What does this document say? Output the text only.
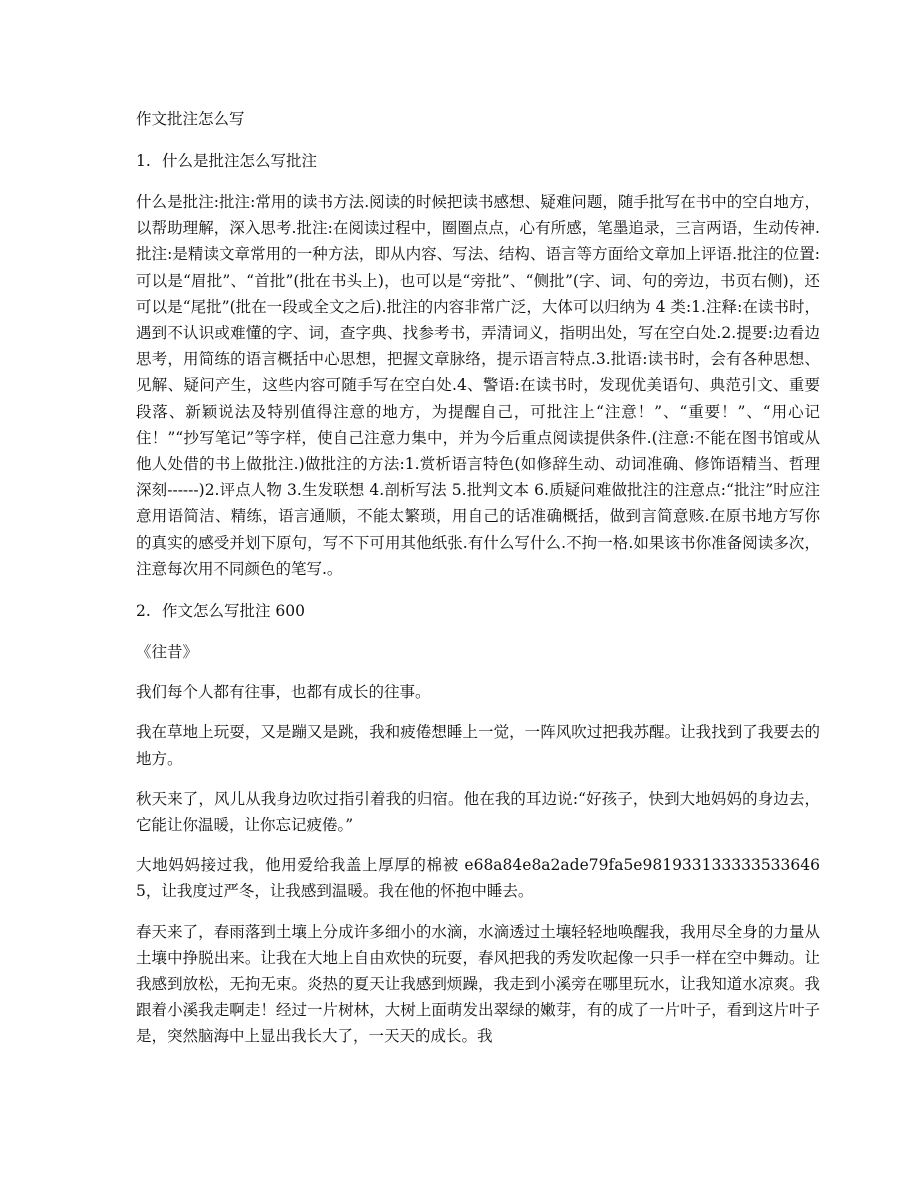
作文批注怎么写
1. 什么是批注怎么写批注

什么是批注:批注:常用的读书方法.阅读的时候把读书感想、疑难问题，随手批写在书中的空白地方，以帮助理解，深入思考.批注:在阅读过程中，圈圈点点，心有所感，笔墨追录，三言两语，生动传神.批注:是精读文章常用的一种方法，即从内容、写法、结构、语言等方面给文章加上评语.批注的位置:可以是“眉批”、“首批”(批在书头上)，也可以是“旁批”、“侧批”(字、词、句的旁边，书页右侧)，还可以是“尾批”(批在一段或全文之后).批注的内容非常广泛，大体可以归纳为 4 类:1.注释:在读书时，遇到不认识或难懂的字、词，查字典、找参考书，弄清词义，指明出处，写在空白处.2.提要:边看边思考，用简练的语言概括中心思想，把握文章脉络，提示语言特点.3.批语:读书时，会有各种思想、见解、疑问产生，这些内容可随手写在空白处.4、警语:在读书时，发现优美语句、典范引文、重要段落、新颖说法及特别值得注意的地方，为提醒自己，可批注上“注意！”、“重要！”、“用心记住！”“抄写笔记”等字样，使自己注意力集中，并为今后重点阅读提供条件.(注意:不能在图书馆或从他人处借的书上做批注.)做批注的方法:1.赏析语言特色(如修辞生动、动词准确、修饰语精当、哲理深刻------)2.评点人物 3.生发联想 4.剖析写法 5.批判文本 6.质疑问难做批注的注意点:“批注”时应注意用语简洁、精练，语言通顺，不能太繁琐，用自己的话准确概括，做到言简意赅.在原书地方写你的真实的感受并划下原句，写不下可用其他纸张.有什么写什么.不拘一格.如果该书你准备阅读多次，注意每次用不同颜色的笔写.。

2. 作文怎么写批注 600

《往昔》

我们每个人都有往事，也都有成长的往事。

我在草地上玩耍，又是蹦又是跳，我和疲倦想睡上一觉，一阵风吹过把我苏醒。让我找到了我要去的地方。

秋天来了，风儿从我身边吹过指引着我的归宿。他在我的耳边说:“好孩子，快到大地妈妈的身边去，它能让你温暖，让你忘记疲倦。”

大地妈妈接过我，他用爱给我盖上厚厚的棉被 e68a84e8a2ade79fa5e9819331333335336465，让我度过严冬，让我感到温暖。我在他的怀抱中睡去。

春天来了，春雨落到土壤上分成许多细小的水滴，水滴透过土壤轻轻地唤醒我，我用尽全身的力量从土壤中挣脱出来。让我在大地上自由欢快的玩耍，春风把我的秀发吹起像一只手一样在空中舞动。让我感到放松，无拘无束。炎热的夏天让我感到烦躁，我走到小溪旁在哪里玩水，让我知道水凉爽。我跟着小溪我走啊走！经过一片树林，大树上面萌发出翠绿的嫩芽，有的成了一片叶子，看到这片叶子是，突然脑海中上显出我长大了，一天天的成长。我
